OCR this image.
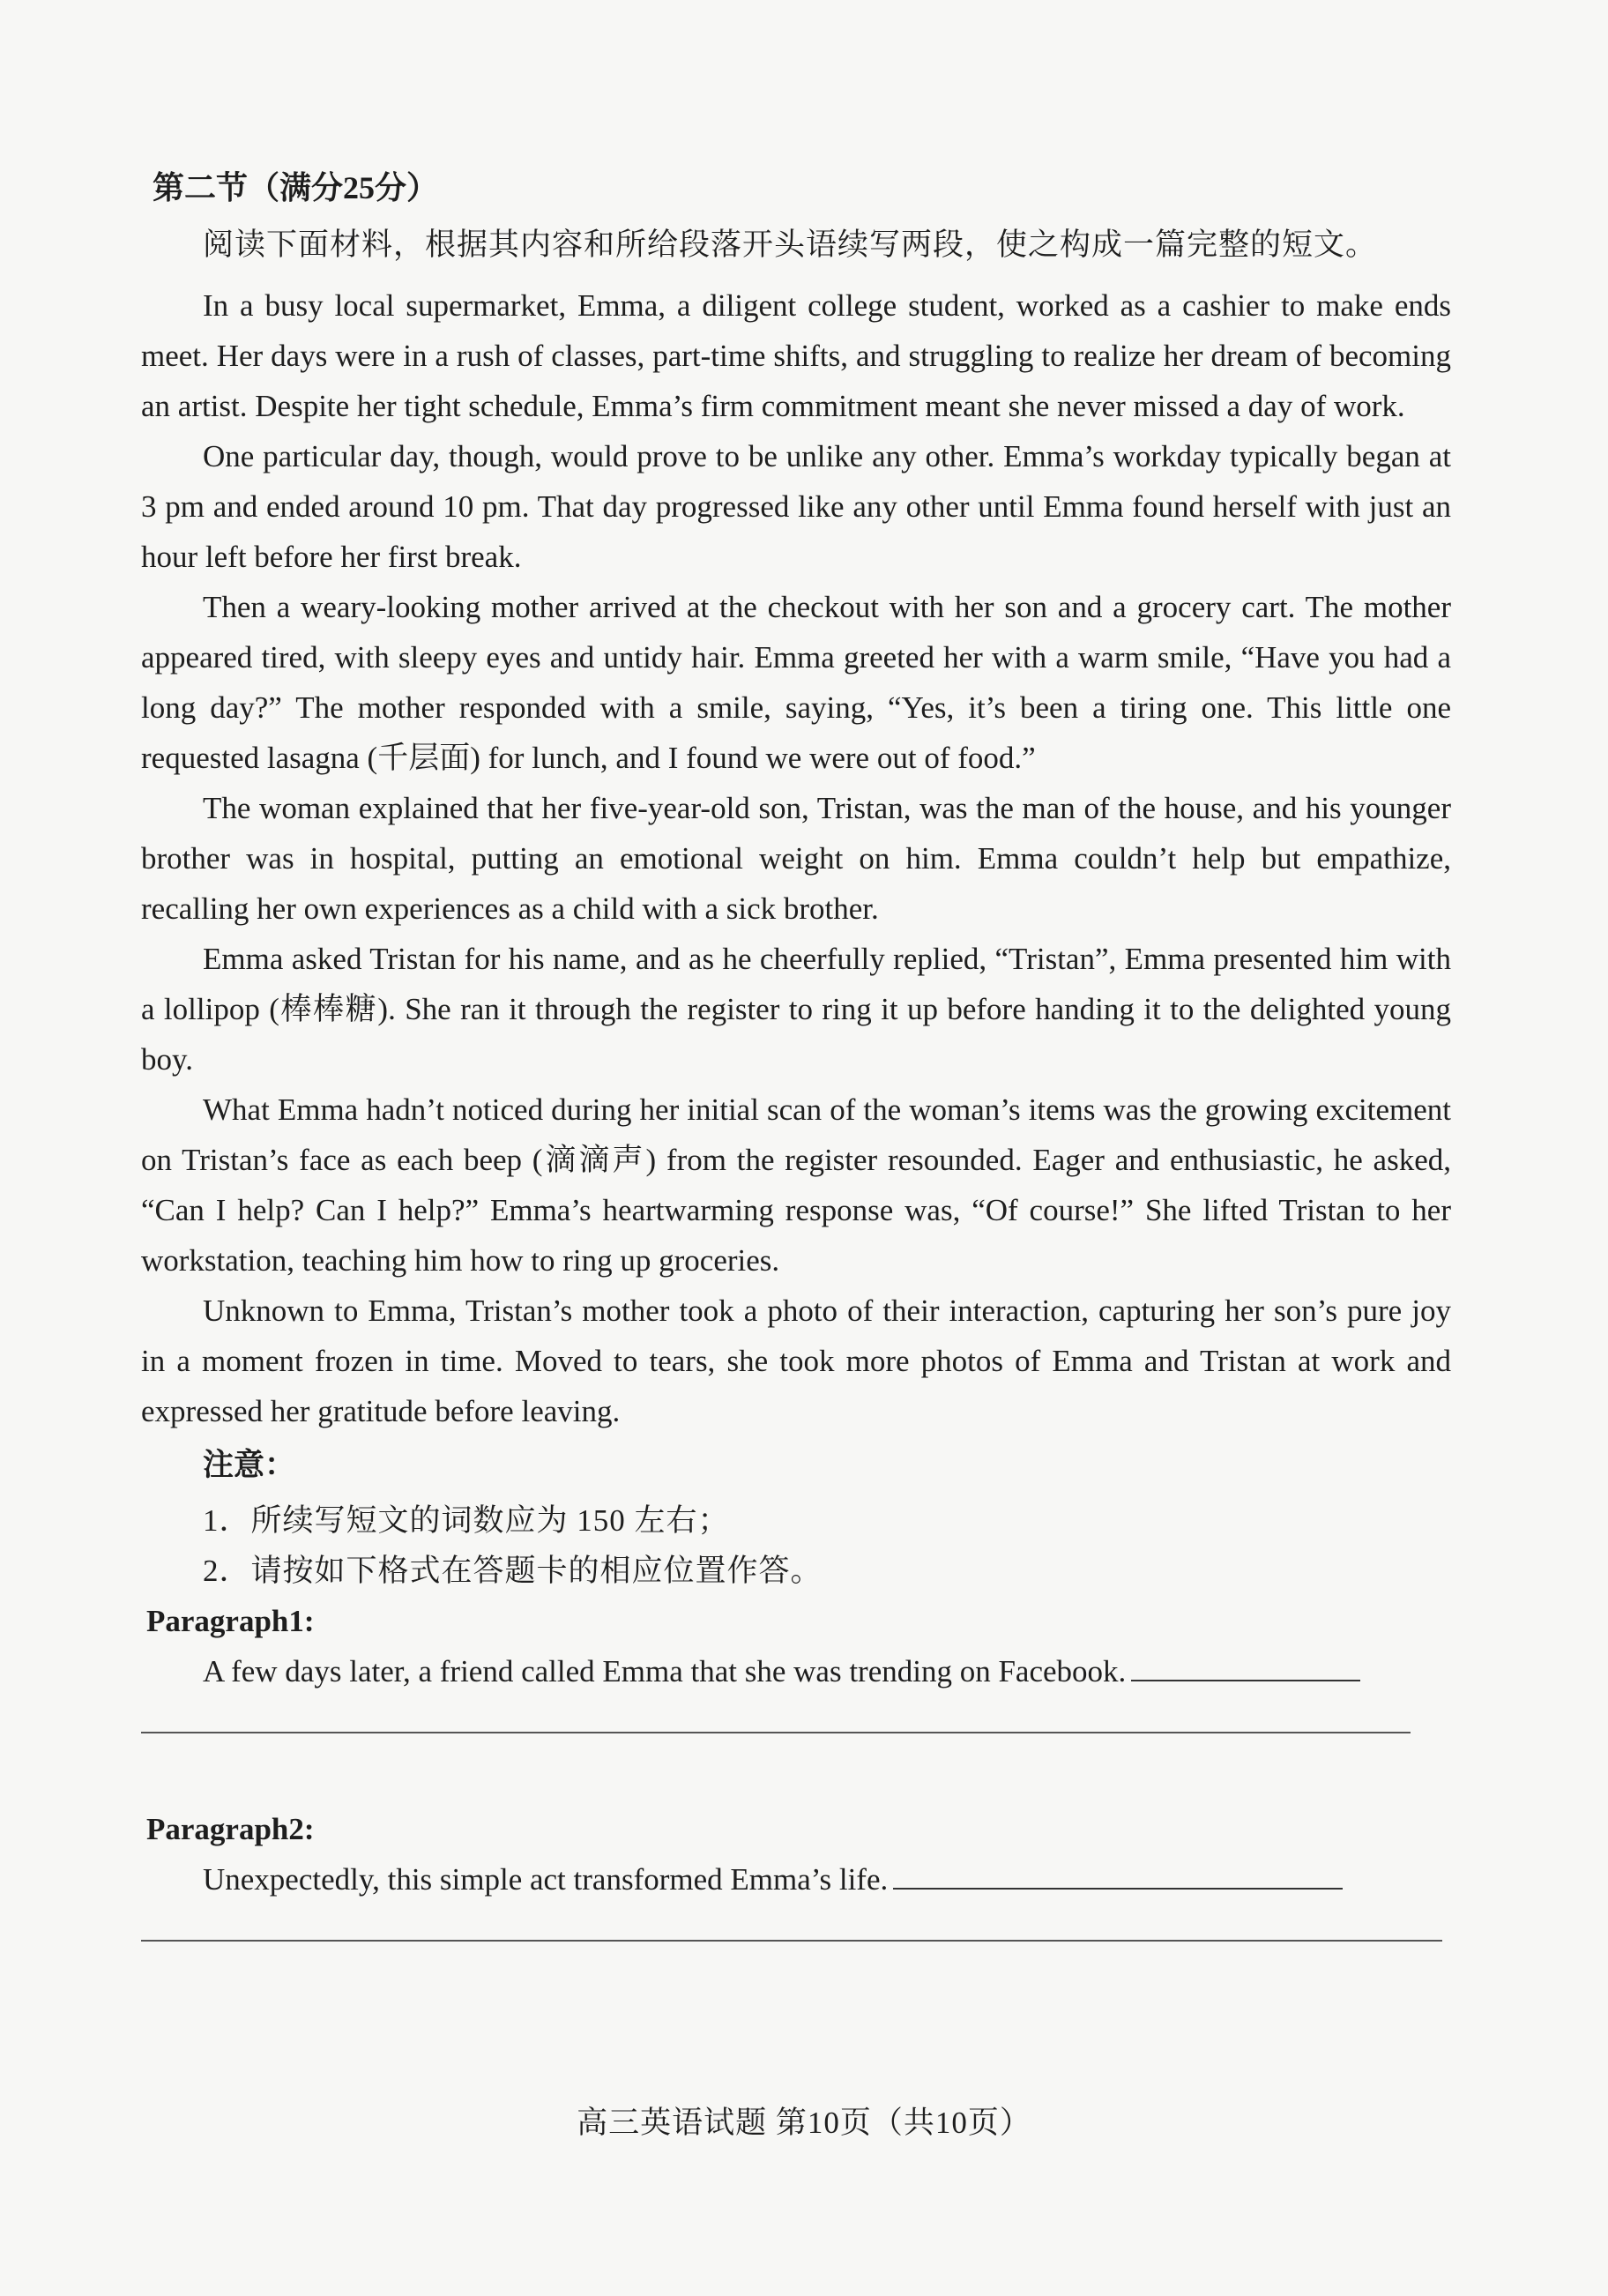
第二节（满分25分）
阅读下面材料，根据其内容和所给段落开头语续写两段，使之构成一篇完整的短文。

In a busy local supermarket, Emma, a diligent college student, worked as a cashier to make ends meet. Her days were in a rush of classes, part-time shifts, and struggling to realize her dream of becoming an artist. Despite her tight schedule, Emma’s firm commitment meant she never missed a day of work.

One particular day, though, would prove to be unlike any other. Emma’s workday typically began at 3 pm and ended around 10 pm. That day progressed like any other until Emma found herself with just an hour left before her first break.

Then a weary-looking mother arrived at the checkout with her son and a grocery cart. The mother appeared tired, with sleepy eyes and untidy hair. Emma greeted her with a warm smile, “Have you had a long day?” The mother responded with a smile, saying, “Yes, it’s been a tiring one. This little one requested lasagna (千层面) for lunch, and I found we were out of food.”

The woman explained that her five-year-old son, Tristan, was the man of the house, and his younger brother was in hospital, putting an emotional weight on him. Emma couldn’t help but empathize, recalling her own experiences as a child with a sick brother.

Emma asked Tristan for his name, and as he cheerfully replied, “Tristan”, Emma presented him with a lollipop (棒棒糖). She ran it through the register to ring it up before handing it to the delighted young boy.

What Emma hadn’t noticed during her initial scan of the woman’s items was the growing excitement on Tristan’s face as each beep (滴滴声) from the register resounded. Eager and enthusiastic, he asked, “Can I help? Can I help?” Emma’s heartwarming response was, “Of course!” She lifted Tristan to her workstation, teaching him how to ring up groceries.

Unknown to Emma, Tristan’s mother took a photo of their interaction, capturing her son’s pure joy in a moment frozen in time. Moved to tears, she took more photos of Emma and Tristan at work and expressed her gratitude before leaving.

注意：
1．所续写短文的词数应为 150 左右；
2．请按如下格式在答题卡的相应位置作答。
Paragraph1:
A few days later, a friend called Emma that she was trending on Facebook.
Paragraph2:
Unexpectedly, this simple act transformed Emma’s life.
高三英语试题 第10页（共10页）
